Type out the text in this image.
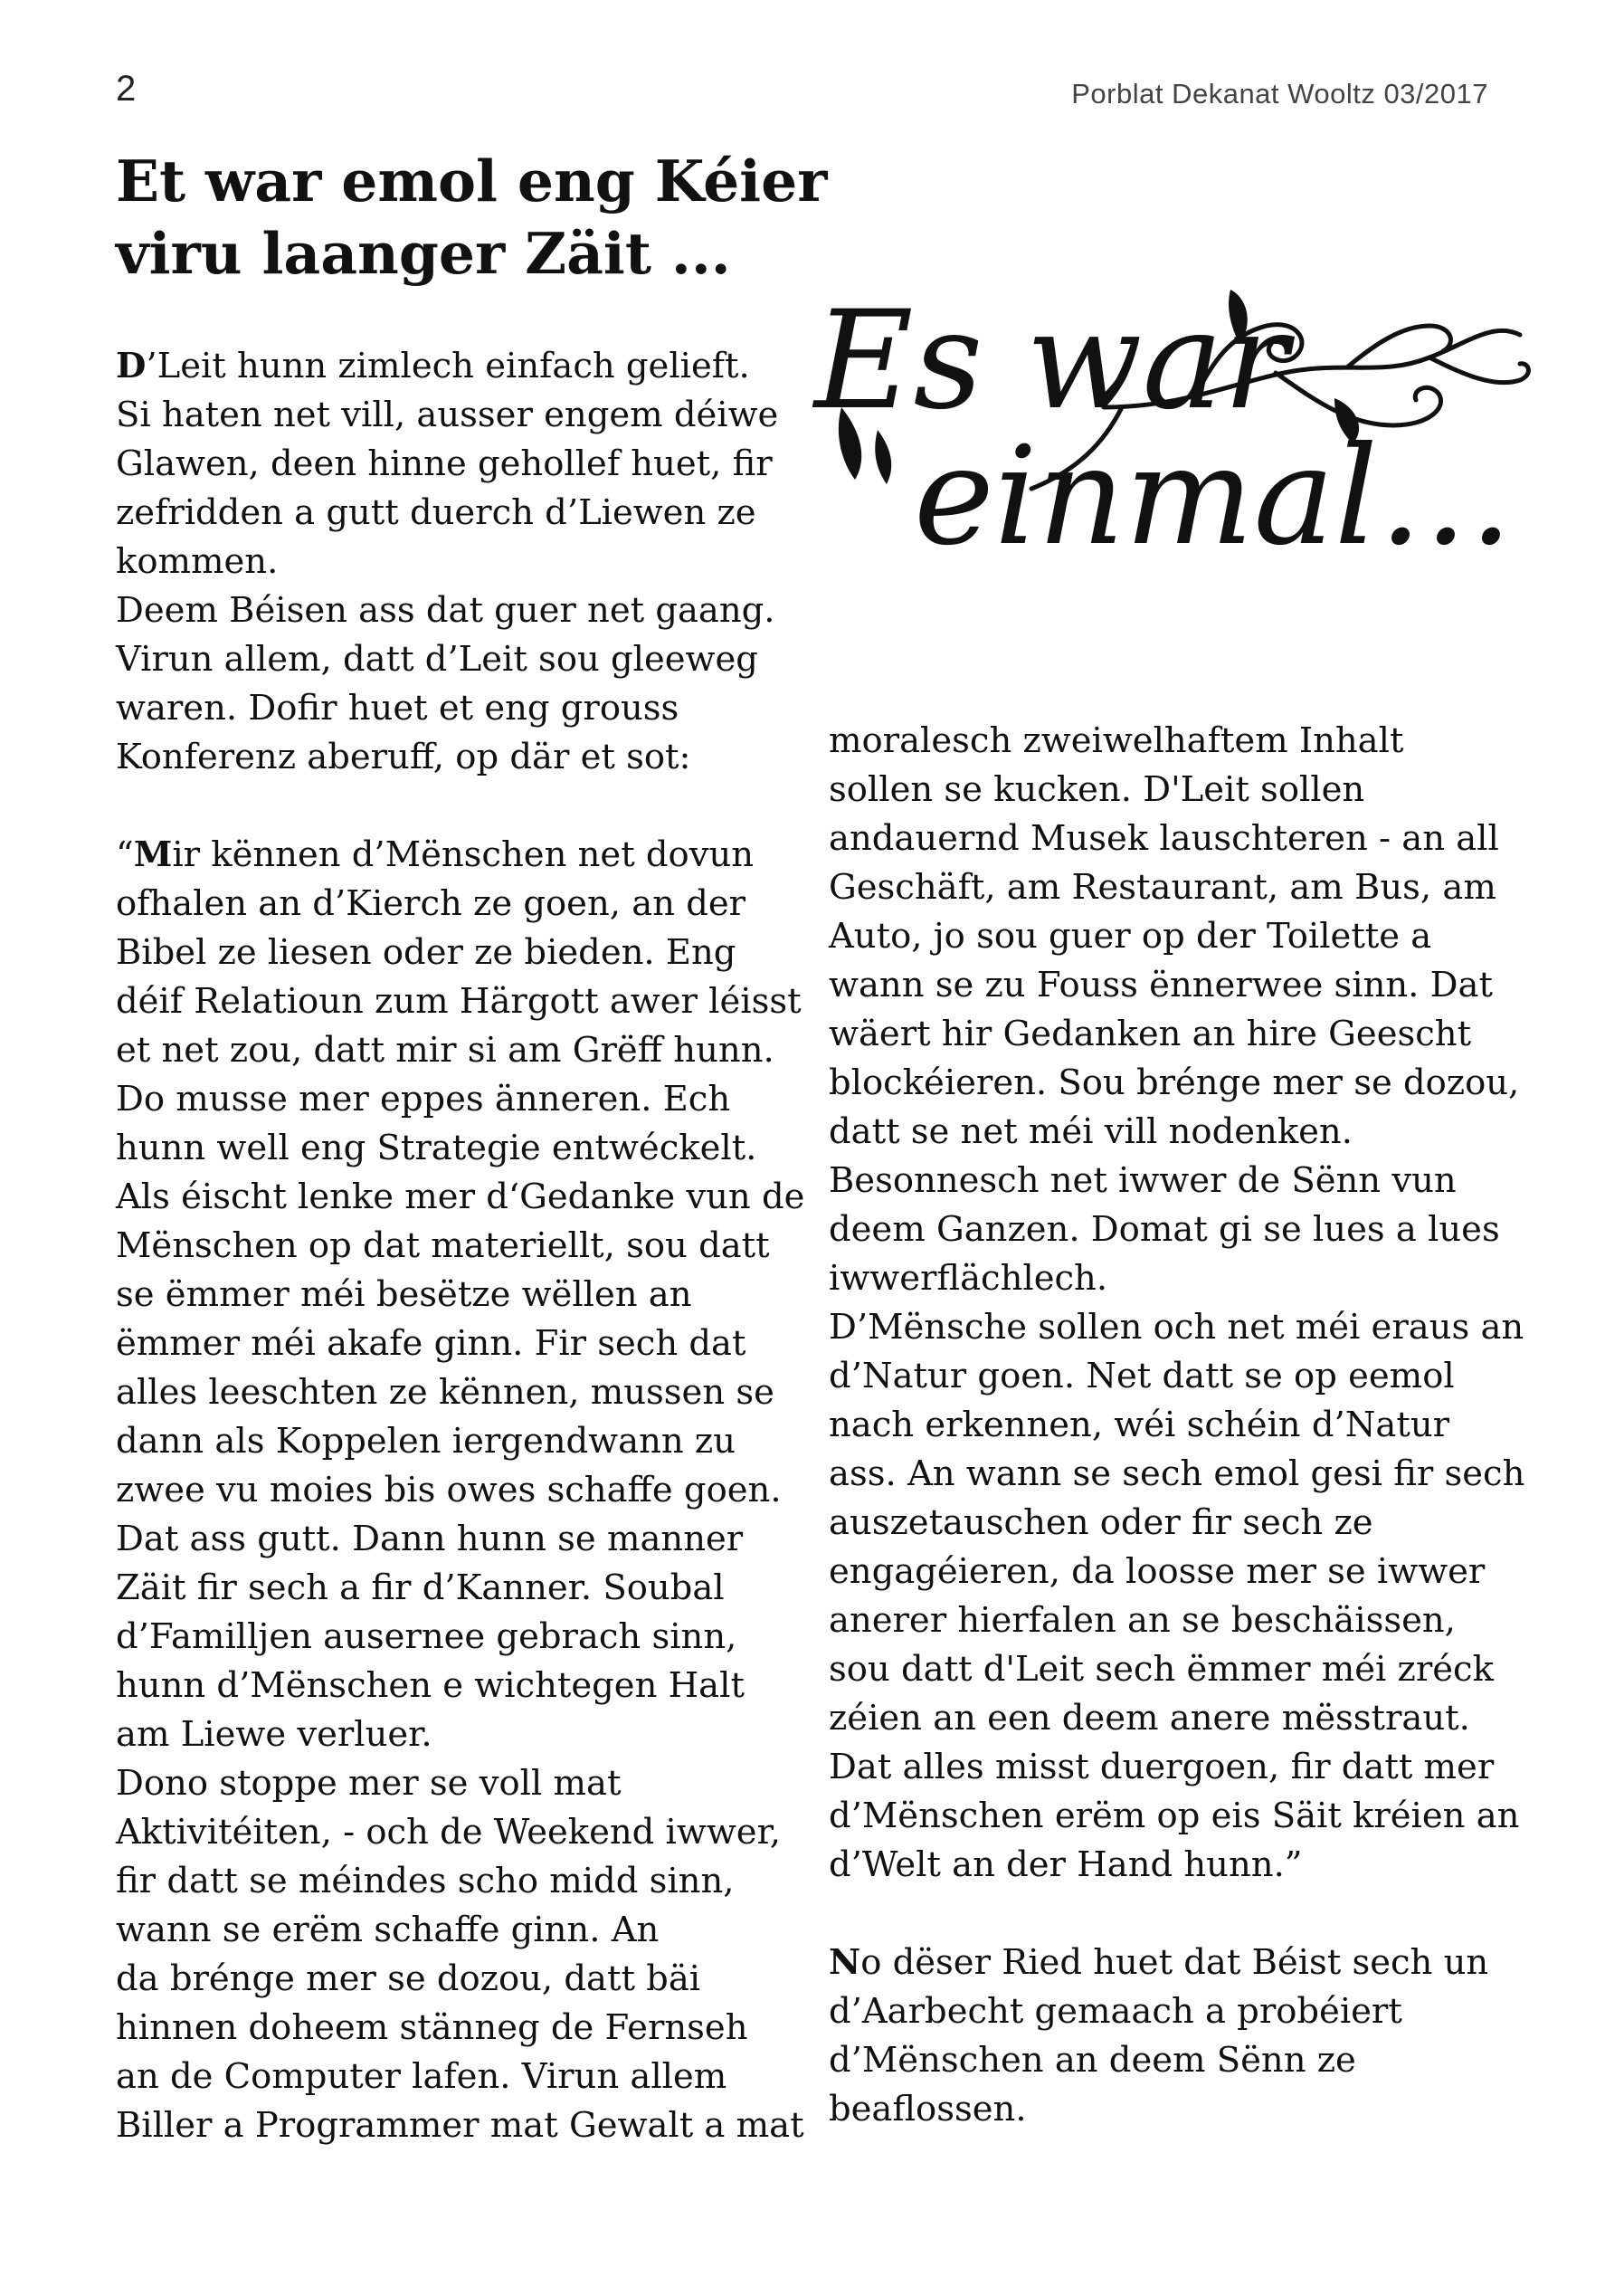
2	Porblat Dekanat Wooltz 03/2017
Et war emol eng Kéier
viru laanger Zäit ...
Es war
einmal…
D’Leit hunn zimlech einfach gelieft.
Si haten net vill, ausser engem déiwe
Glawen, deen hinne gehollef huet, fir
zefridden a gutt duerch d’Liewen ze
kommen.
Deem Béisen ass dat guer net gaang.
Virun allem, datt d’Leit sou gleeweg
waren. Dofir huet et eng grouss
Konferenz aberuff, op där et sot:
“Mir kënnen d’Mënschen net dovun
ofhalen an d’Kierch ze goen, an der
Bibel ze liesen oder ze bieden. Eng
déif Relatioun zum Härgott awer léisst
et net zou, datt mir si am Grëff hunn.
Do musse mer eppes änneren. Ech
hunn well eng Strategie entwéckelt.
Als éischt lenke mer d‘Gedanke vun de
Mënschen op dat materiellt, sou datt
se ëmmer méi besëtze wëllen an
ëmmer méi akafe ginn. Fir sech dat
alles leeschten ze kënnen, mussen se
dann als Koppelen iergendwann zu
zwee vu moies bis owes schaffe goen.
Dat ass gutt. Dann hunn se manner
Zäit fir sech a fir d’Kanner. Soubal
d’Familljen ausernee gebrach sinn,
hunn d’Mënschen e wichtegen Halt
am Liewe verluer.
Dono stoppe mer se voll mat
Aktivitéiten, - och de Weekend iwwer,
fir datt se méindes scho midd sinn,
wann se erëm schaffe ginn. An
da bréngе mer se dozou, datt bäi
hinnen doheem stänneg de Fernseh
an de Computer lafen. Virun allem
Biller a Programmer mat Gewalt a mat
moralesch zweiwelhaftem Inhalt
sollen se kucken. D'Leit sollen
andauernd Musek lauschteren - an all
Geschäft, am Restaurant, am Bus, am
Auto, jo sou guer op der Toilette a
wann se zu Fouss ënnerwee sinn. Dat
wäert hir Gedanken an hire Geescht
blockéieren. Sou bréngе mer se dozou,
datt se net méi vill nodenken.
Besonnesch net iwwer de Sënn vun
deem Ganzen. Domat gi se lues a lues
iwwerflächlech.
D’Mënsche sollen och net méi eraus an
d’Natur goen. Net datt se op eemol
nach erkennen, wéi schéin d’Natur
ass. An wann se sech emol gesi fir sech
auszetauschen oder fir sech ze
engagéieren, da loosse mer se iwwer
anerer hierfalen an se beschäissen,
sou datt d'Leit sech ëmmer méi zréck
zéien an een deem anere mësstraut.
Dat alles misst duergoen, fir datt mer
d’Mënschen erëm op eis Säit kréien an
d’Welt an der Hand hunn.”
No dëser Ried huet dat Béist sech un
d’Aarbecht gemaach a probéiert
d’Mënschen an deem Sënn ze
beaflossen.
